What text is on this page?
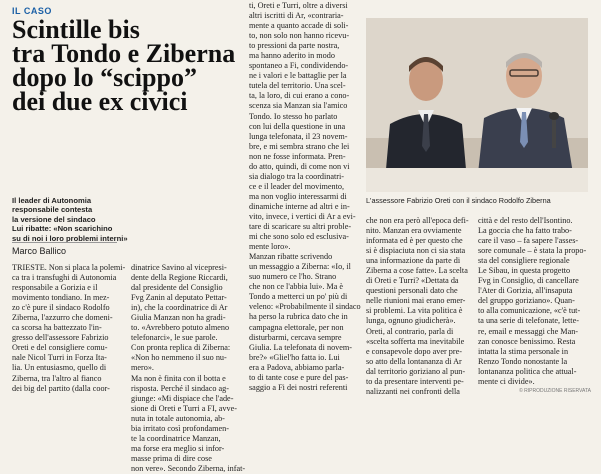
IL CASO
Scintille bis
tra Tondo e Ziberna
dopo lo “scippo”
dei due ex civici
Il leader di Autonomia
responsabile contesta
la versione del sindaco
Lui ribatte: «Non scarichino
su di noi i loro problemi interni»
Marco Ballico
TRIESTE. Non si placa la polemi-
ca tra i transfughi di Autonomia
responsabile a Gorizia e il
movimento tondiano. In mez-
zo c'è pure il sindaco Rodolfo
Ziberna, l'azzurro che domeni-
ca scorsa ha battezzato l'in-
gresso dell'assessore Fabrizio
Oreti e del consigliere comu-
nale Nicol Turri in Forza Ita-
lia. Un entusiasmo, quello di
Ziberna, tra l'altro al fianco
dei big del partito (dalla coor-
dinatrice Savino al vicepresi-
dente della Regione Riccardi,
dal presidente del Consiglio
Fvg Zanin al deputato Pettar-
in), che la coordinatrice di Ar
Giulia Manzan non ha gradi-
to. «Avrebbero potuto almeno
telefonarci», le sue parole.
Con pronta replica di Ziberna:
«Non ho nemmeno il suo nu-
mero».
Ma non è finita con il botta e
risposta. Perché il sindaco ag-
giunge: «Mi dispiace che l'ade-
sione di Oreti e Turri a FI, avve-
nuta in totale autonomia, ab-
bia irritato così profondamen-
te la coordinatrice Manzan,
ma forse era meglio si infor-
masse prima di dire cose
non vere». Secondo Ziberna, infat-
ti, Oreti e Turri, oltre a diversi
altri iscritti di Ar, «contraria-
mente a quanto accade di soli-
to, non solo non hanno ricevu-
to pressioni da parte nostra,
ma hanno aderito in modo
spontaneo a Fi, condividendo-
ne i valori e le battaglie per la
tutela del territorio. Una scel-
ta, la loro, di cui erano a cono-
scenza sia Manzan sia l'amico
Tondo. Io stesso ho parlato
con lui della questione in una
lunga telefonata, il 23 novem-
bre, e mi sembra strano che lei
non ne fosse informata. Pren-
do atto, quindi, di come non vi
sia dialogo tra la coordinatri-
ce e il leader del movimento,
ma non voglio interessarmi di
dinamiche interne ad altri e in-
vito, invece, i vertici di Ar a evi-
tare di scaricare su altri proble-
mi che sono solo ed esclusiva-
mente loro».
Manzan ribatte scrivendo
un messaggio a Ziberna: «Io, il
suo numero ce l'ho. Strano
che non ce l'abbia lui». Ma è
Tondo a metterci un po' più di
veleno: «Probabilmente il sindaco
ha perso la rubrica dato che in
campagna elettorale, per non
disturbarmi, cercava sempre
Giulia. La telefonata di novem-
bre?» «Gliel'ho fatta io. Lui
era a Padova, abbiamo parla-
to di tante cose e pure del pas-
saggio a Fi dei nostri referenti
che non era però all'epoca defi-
nito. Manzan era ovviamente
informata ed è per questo che
si è dispiaciuta non ci sia stata
una informazione da parte di
Ziberna a cose fatte». La scelta
di Oreti e Turri? «Dettata da
questioni personali dato che
nelle riunioni mai erano emer-
si problemi. La vita politica è
lunga, ognuno giudicherà».
Oreti, al contrario, parla di
«scelta sofferta ma inevitabile
e consapevole dopo aver pre-
so atto della lontananza di Ar
dal territorio goriziano al pun-
to da presentare interventi pe-
nalizzanti nei confronti della
città e del resto dell'Isontino.
La goccia che ha fatto trabo-
care il vaso – fa sapere l'asses-
sore comunale – è stata la propo-
sta del consigliere regionale
Le Sibau, in questa progetto
Fvg in Consiglio, di cancellare
l'Ater di Gorizia, all'insaputa
del gruppo goriziano». Quan-
to alla comunicazione, «c'è tut-
ta una serie di telefonate, lette-
re, email e messaggi che Man-
zan conosce benissimo. Resta
intatta la stima personale in
Renzo Tondo nonostante la
lontananza politica che attual-
mente ci divide».
L'assessore Fabrizio Oreti con il sindaco Rodolfo Ziberna
© RIPRODUZIONE RISERVATA
